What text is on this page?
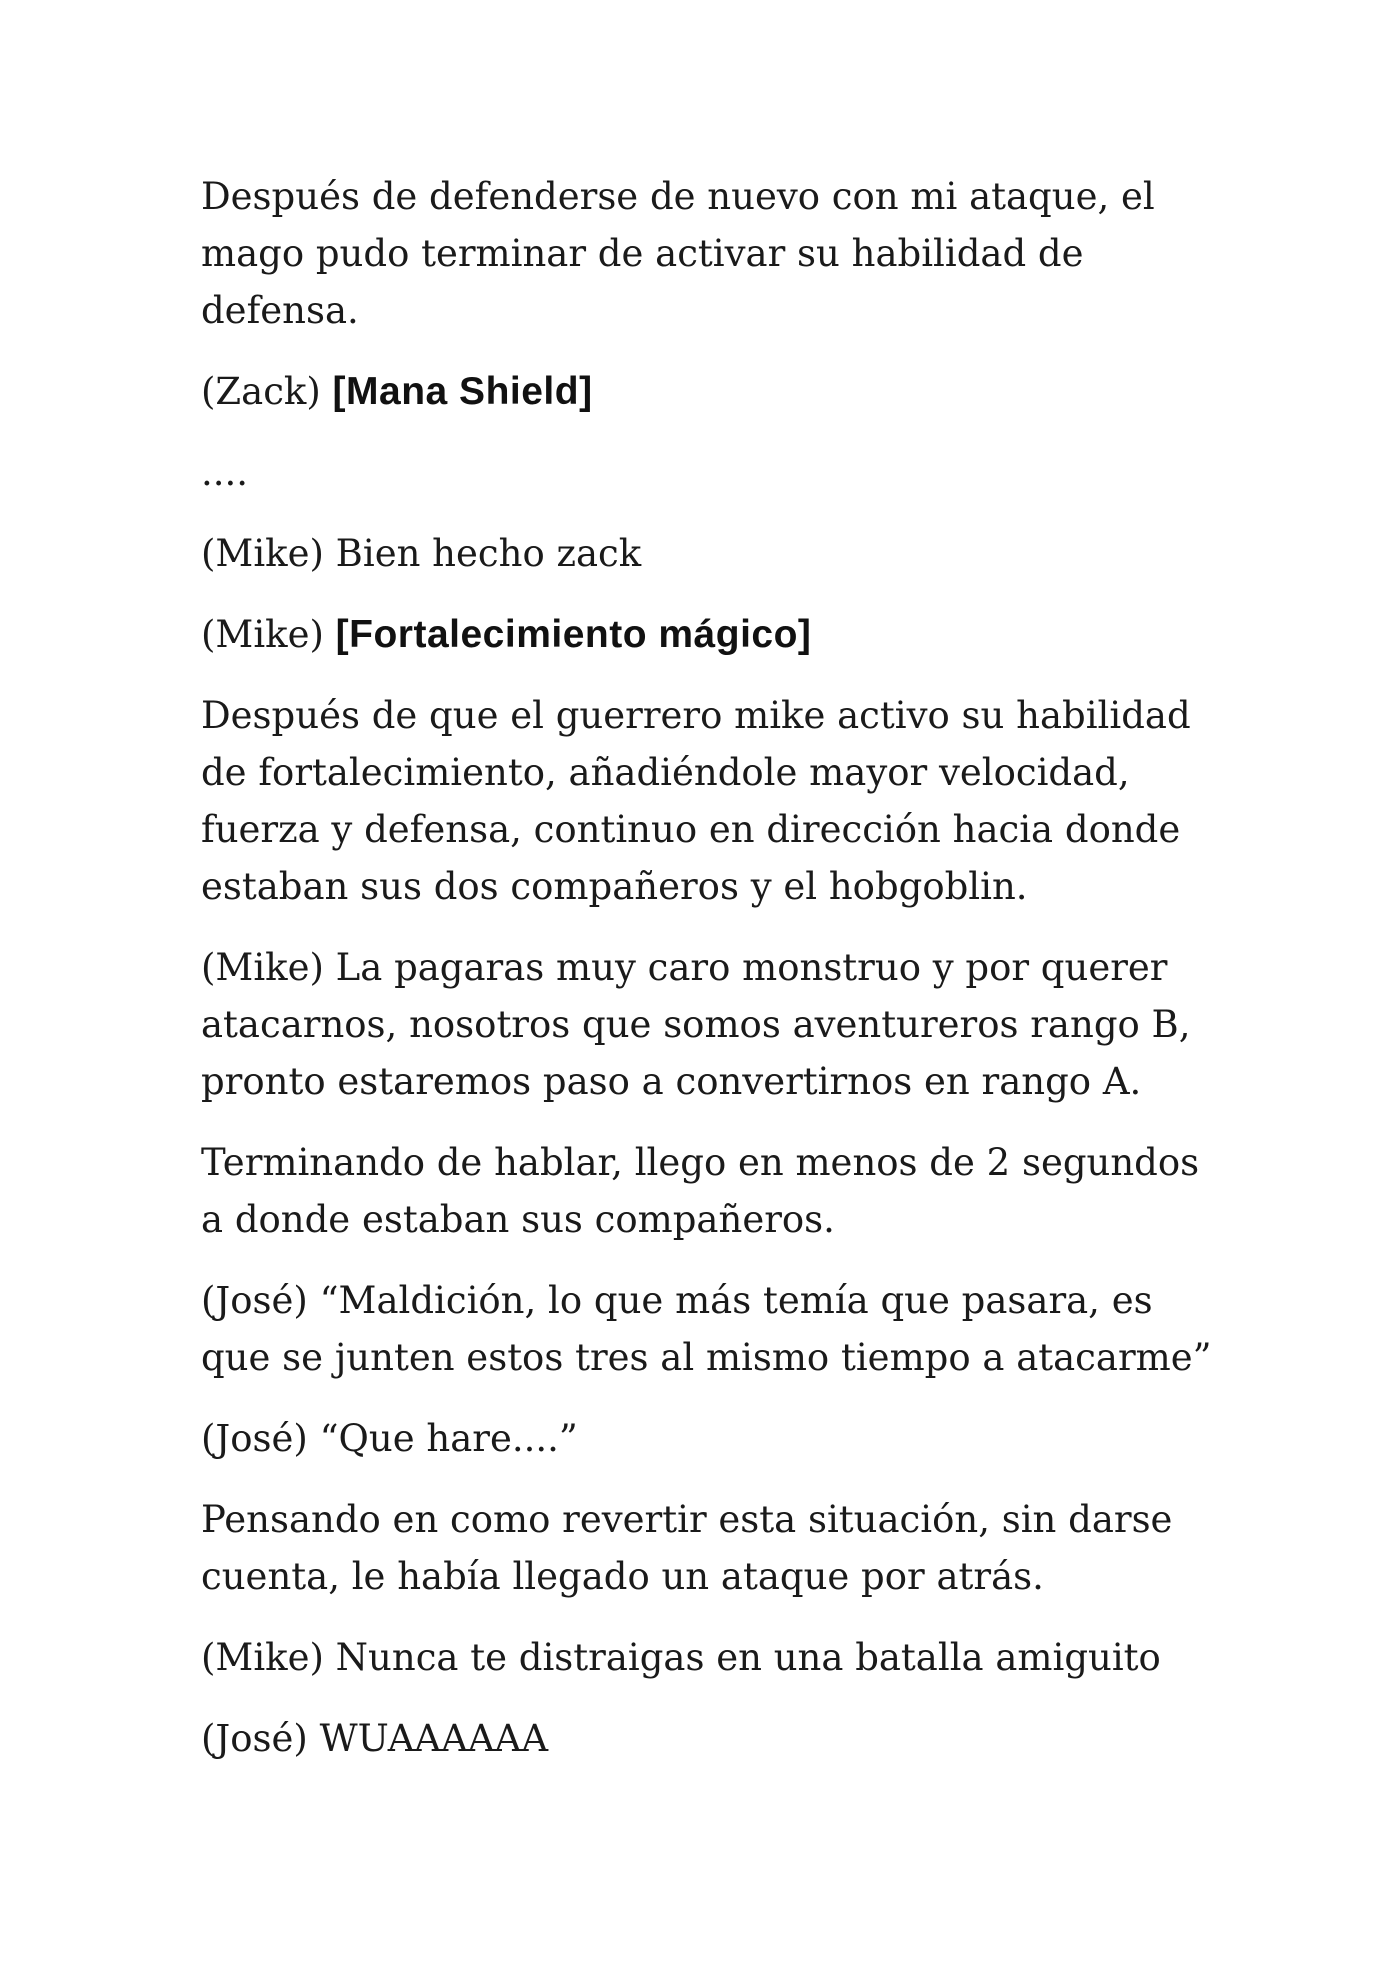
Después de defenderse de nuevo con mi ataque, el mago pudo terminar de activar su habilidad de defensa.

(Zack) [Mana Shield]

....

(Mike) Bien hecho zack

(Mike) [Fortalecimiento mágico]

Después de que el guerrero mike activo su habilidad de fortalecimiento, añadiéndole mayor velocidad, fuerza y defensa, continuo en dirección hacia donde estaban sus dos compañeros y el hobgoblin.

(Mike) La pagaras muy caro monstruo y por querer atacarnos, nosotros que somos aventureros rango B, pronto estaremos paso a convertirnos en rango A.

Terminando de hablar, llego en menos de 2 segundos a donde estaban sus compañeros.

(José) “Maldición, lo que más temía que pasara, es que se junten estos tres al mismo tiempo a atacarme”

(José) “Que hare....”

Pensando en como revertir esta situación, sin darse cuenta, le había llegado un ataque por atrás.

(Mike) Nunca te distraigas en una batalla amiguito

(José) WUAAAAAA
